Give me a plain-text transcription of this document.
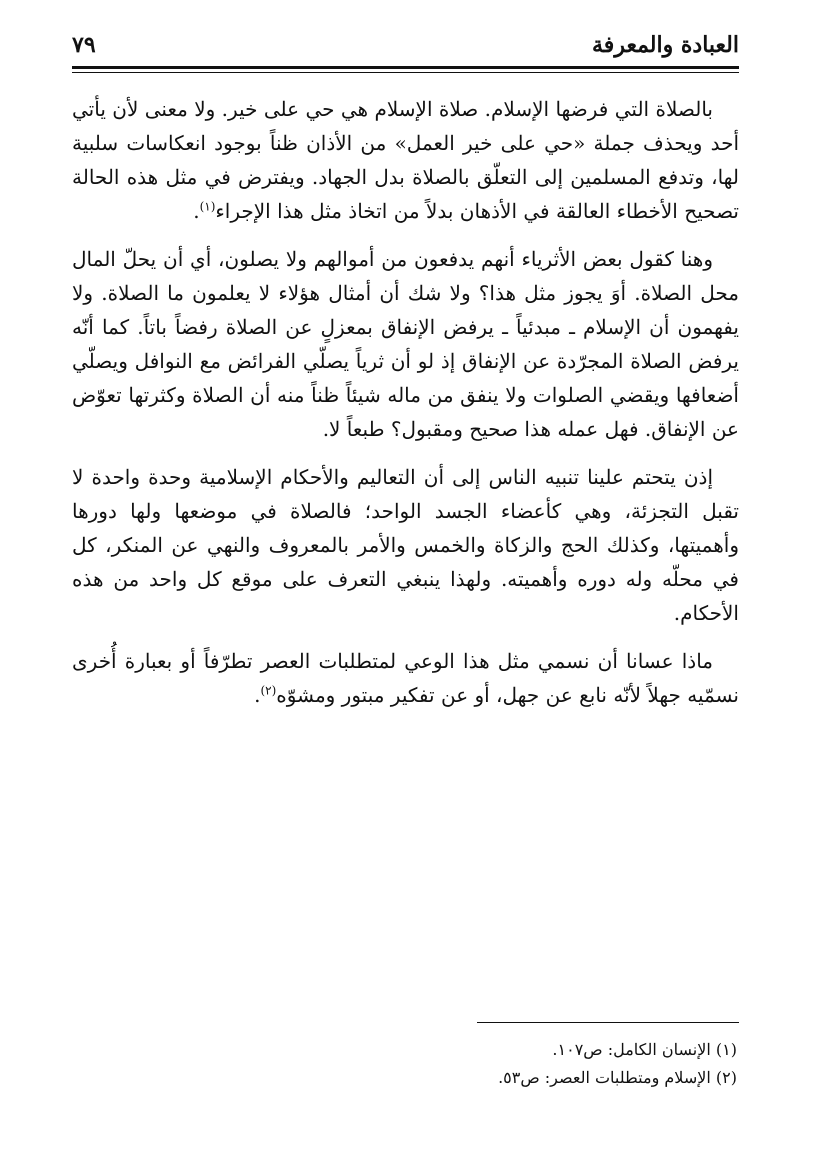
العبادة والمعرفة
٧٩

بالصلاة التي فرضها الإسلام. صلاة الإسلام هي حي على خير. ولا معنى لأن يأتي أحد ويحذف جملة «حي على خير العمل» من الأذان ظناً بوجود انعكاسات سلبية لها، وتدفع المسلمين إلى التعلّق بالصلاة بدل الجهاد. ويفترض في مثل هذه الحالة تصحيح الأخطاء العالقة في الأذهان بدلاً من اتخاذ مثل هذا الإجراء$^{(١)}$.

وهنا كقول بعض الأثرياء أنهم يدفعون من أموالهم ولا يصلون، أي أن يحلّ المال محل الصلاة. أوَ يجوز مثل هذا؟ ولا شك أن أمثال هؤلاء لا يعلمون ما الصلاة. ولا يفهمون أن الإسلام ـ مبدئياً ـ يرفض الإنفاق بمعزلٍ عن الصلاة رفضاً باتاً. كما أنّه يرفض الصلاة المجرّدة عن الإنفاق إذ لو أن ثرياً يصلّي الفرائض مع النوافل ويصلّي أضعافها ويقضي الصلوات ولا ينفق من ماله شيئاً ظناً منه أن الصلاة وكثرتها تعوّض عن الإنفاق. فهل عمله هذا صحيح ومقبول؟ طبعاً لا.

إذن يتحتم علينا تنبيه الناس إلى أن التعاليم والأحكام الإسلامية وحدة واحدة لا تقبل التجزئة، وهي كأعضاء الجسد الواحد؛ فالصلاة في موضعها ولها دورها وأهميتها، وكذلك الحج والزكاة والخمس والأمر بالمعروف والنهي عن المنكر، كل في محلّه وله دوره وأهميته. ولهذا ينبغي التعرف على موقع كل واحد من هذه الأحكام.

ماذا عسانا أن نسمي مثل هذا الوعي لمتطلبات العصر تطرّفاً أو بعبارة أُخرى نسمّيه جهلاً لأنّه نابع عن جهل، أو عن تفكير مبتور ومشوّه$^{(٢)}$.

(١) الإنسان الكامل: ص١٠٧.

(٢) الإسلام ومتطلبات العصر: ص٥٣.
